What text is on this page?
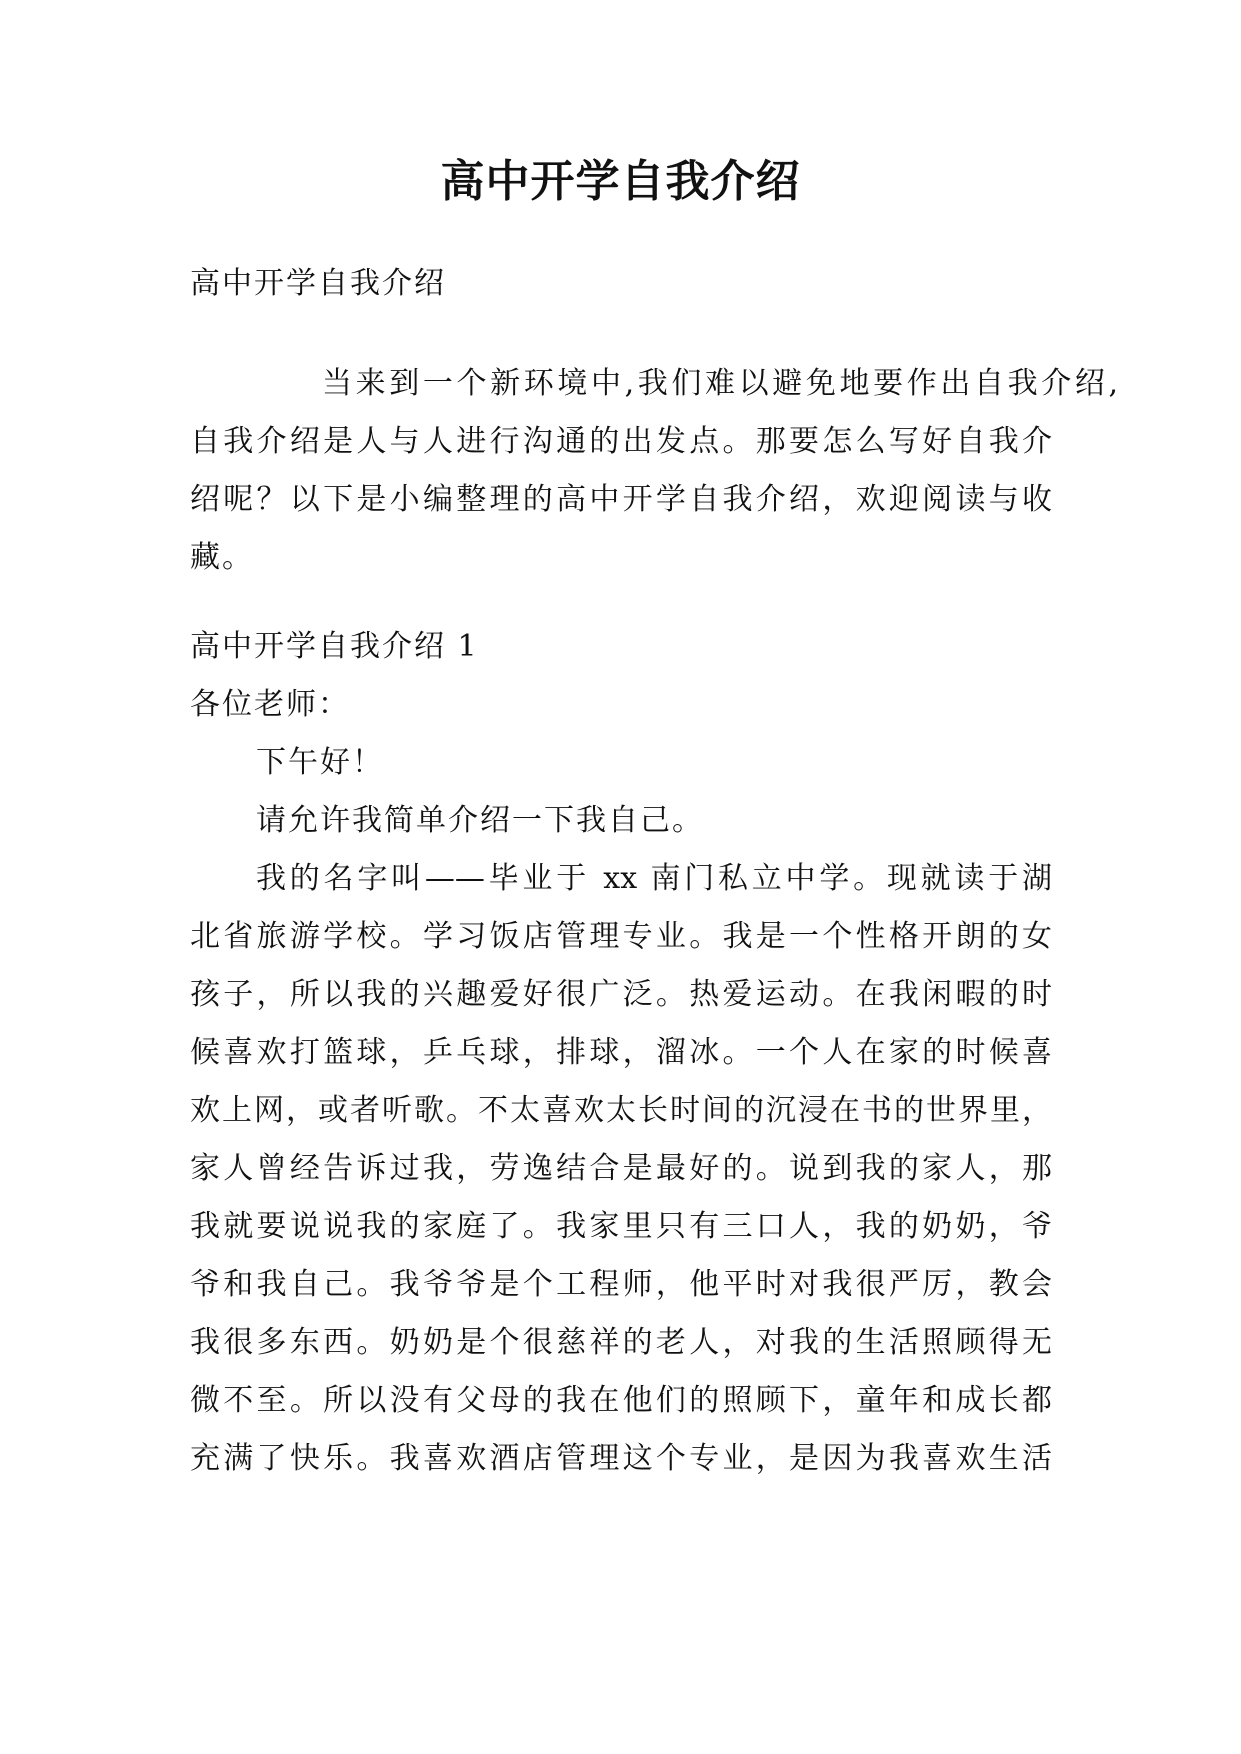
高中开学自我介绍
高中开学自我介绍
当来到一个新环境中,我们难以避免地要作出自我介绍,
自我介绍是人与人进行沟通的出发点。那要怎么写好自我介
绍呢？以下是小编整理的高中开学自我介绍，欢迎阅读与收
藏。
高中开学自我介绍 1
各位老师：
下午好！
请允许我简单介绍一下我自己。
我的名字叫——毕业于 xx 南门私立中学。现就读于湖
北省旅游学校。学习饭店管理专业。我是一个性格开朗的女
孩子，所以我的兴趣爱好很广泛。热爱运动。在我闲暇的时
候喜欢打篮球，乒乓球，排球，溜冰。一个人在家的时候喜
欢上网，或者听歌。不太喜欢太长时间的沉浸在书的世界里，
家人曾经告诉过我，劳逸结合是最好的。说到我的家人，那
我就要说说我的家庭了。我家里只有三口人，我的奶奶，爷
爷和我自己。我爷爷是个工程师，他平时对我很严厉，教会
我很多东西。奶奶是个很慈祥的老人，对我的生活照顾得无
微不至。所以没有父母的我在他们的照顾下，童年和成长都
充满了快乐。我喜欢酒店管理这个专业，是因为我喜欢生活
